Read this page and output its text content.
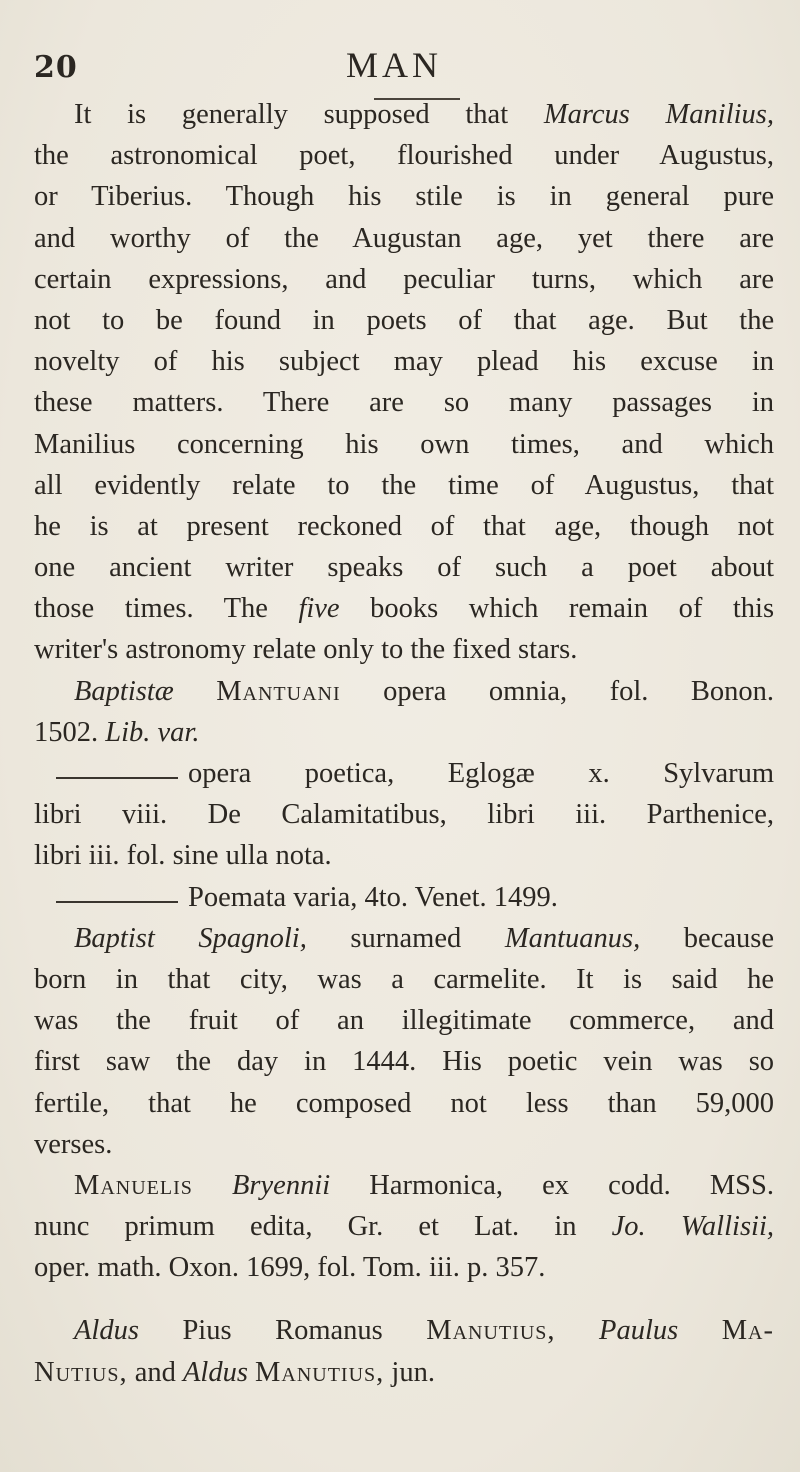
20	MAN
It is generally supposed that Marcus Manilius,
the astronomical poet, flourished under Augustus,
or Tiberius. Though his stile is in general pure
and worthy of the Augustan age, yet there are
certain expressions, and peculiar turns, which are
not to be found in poets of that age. But the
novelty of his subject may plead his excuse in
these matters. There are so many passages in
Manilius concerning his own times, and which
all evidently relate to the time of Augustus, that
he is at present reckoned of that age, though not
one ancient writer speaks of such a poet about
those times. The five books which remain of this
writer's astronomy relate only to the fixed stars.
Baptistæ Mantuani opera omnia, fol. Bonon.
1502. Lib. var.
opera poetica, Eglogæ x. Sylvarum
libri viii. De Calamitatibus, libri iii. Parthenice,
libri iii. fol. sine ulla nota.
Poemata varia, 4to. Venet. 1499.
Baptist Spagnoli, surnamed Mantuanus, because
born in that city, was a carmelite. It is said he
was the fruit of an illegitimate commerce, and
first saw the day in 1444. His poetic vein was so
fertile, that he composed not less than 59,000
verses.
Manuelis Bryennii Harmonica, ex codd. MSS.
nunc primum edita, Gr. et Lat. in Jo. Wallisii,
oper. math. Oxon. 1699, fol. Tom. iii. p. 357.
Aldus Pius Romanus Manutius, Paulus Ma-
Nutius, and Aldus Manutius, jun.
